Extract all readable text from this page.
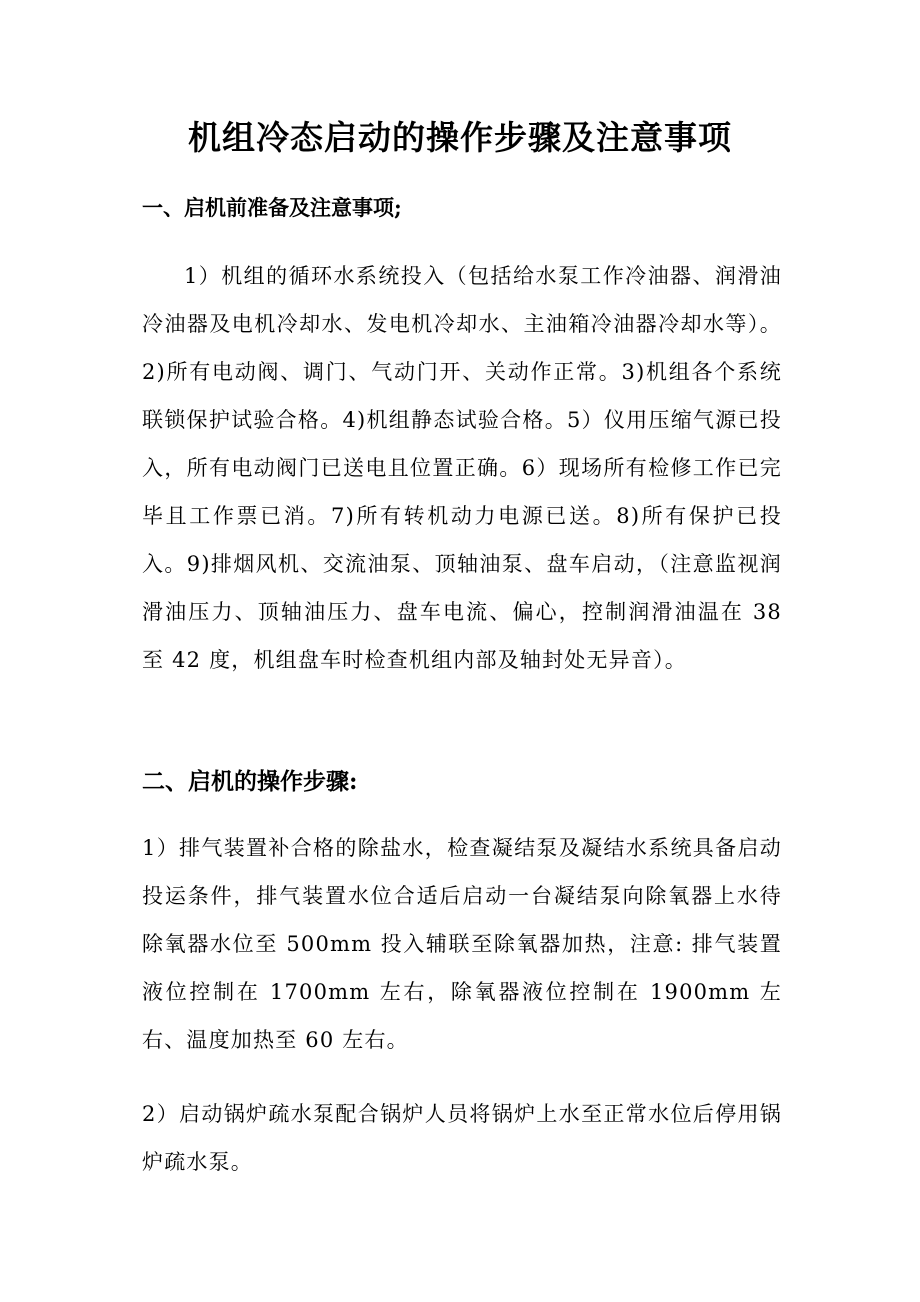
机组冷态启动的操作步骤及注意事项
一、启机前准备及注意事项;

1）机组的循环水系统投入（包括给水泵工作冷油器、润滑油冷油器及电机冷却水、发电机冷却水、主油箱冷油器冷却水等）。2)所有电动阀、调门、气动门开、关动作正常。3)机组各个系统联锁保护试验合格。4)机组静态试验合格。5）仪用压缩气源已投入，所有电动阀门已送电且位置正确。6）现场所有检修工作已完毕且工作票已消。7)所有转机动力电源已送。8)所有保护已投入。9)排烟风机、交流油泵、顶轴油泵、盘车启动，（注意监视润滑油压力、顶轴油压力、盘车电流、偏心，控制润滑油温在 38 至 42 度，机组盘车时检查机组内部及轴封处无异音）。

二、启机的操作步骤:

1）排气装置补合格的除盐水，检查凝结泵及凝结水系统具备启动投运条件，排气装置水位合适后启动一台凝结泵向除氧器上水待除氧器水位至 500mm 投入辅联至除氧器加热，注意: 排气装置液位控制在 1700mm 左右，除氧器液位控制在 1900mm 左右、温度加热至 60 左右。

2）启动锅炉疏水泵配合锅炉人员将锅炉上水至正常水位后停用锅炉疏水泵。
